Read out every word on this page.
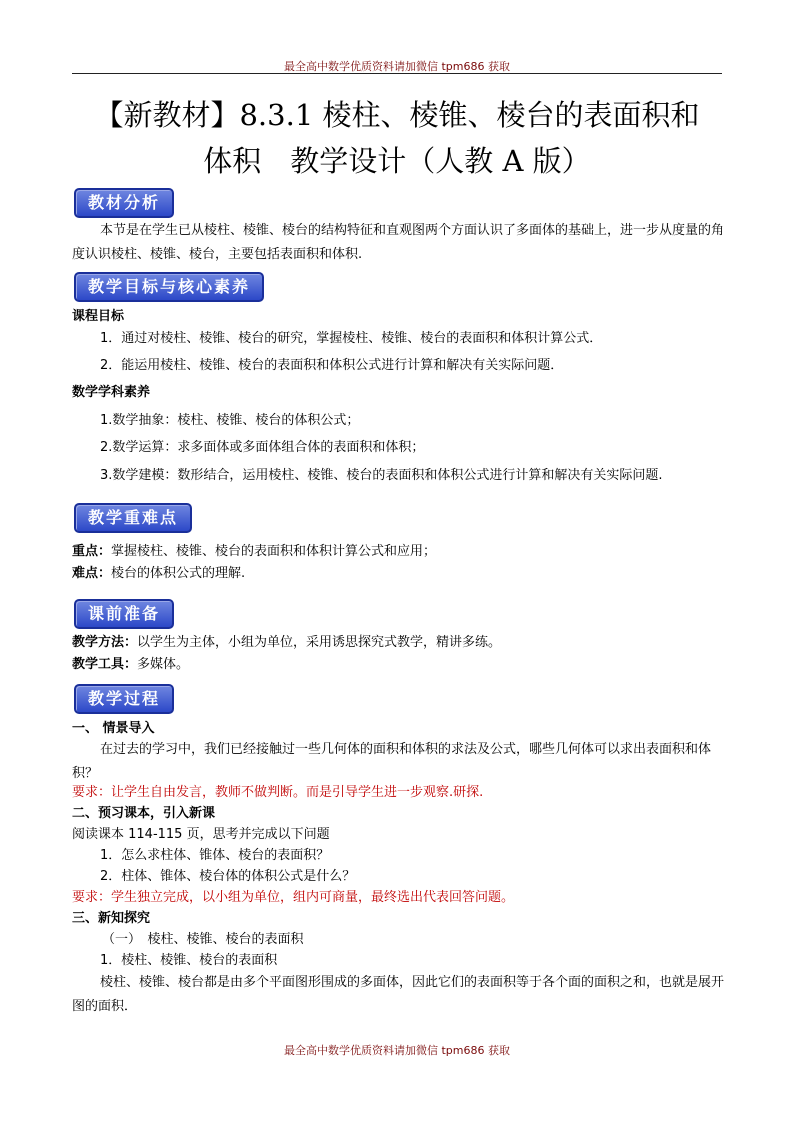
最全高中数学优质资料请加微信 tpm686 获取
【新教材】8.3.1 棱柱、棱锥、棱台的表面积和
体积　教学设计（人教 A 版）
教材分析
本节是在学生已从棱柱、棱锥、棱台的结构特征和直观图两个方面认识了多面体的基础上，进一步从度量的角度认识棱柱、棱锥、棱台，主要包括表面积和体积.
教学目标与核心素养
课程目标
1．通过对棱柱、棱锥、棱台的研究，掌握棱柱、棱锥、棱台的表面积和体积计算公式．
2．能运用棱柱、棱锥、棱台的表面积和体积公式进行计算和解决有关实际问题．
数学学科素养
1.数学抽象：棱柱、棱锥、棱台的体积公式；
2.数学运算：求多面体或多面体组合体的表面积和体积；
3.数学建模：数形结合，运用棱柱、棱锥、棱台的表面积和体积公式进行计算和解决有关实际问题.
教学重难点
重点：掌握棱柱、棱锥、棱台的表面积和体积计算公式和应用；
难点：棱台的体积公式的理解.
课前准备
教学方法：以学生为主体，小组为单位，采用诱思探究式教学，精讲多练。
教学工具：多媒体。
教学过程
一、 情景导入
在过去的学习中，我们已经接触过一些几何体的面积和体积的求法及公式，哪些几何体可以求出表面积和体积？
要求：让学生自由发言，教师不做判断。而是引导学生进一步观察.研探.
二、预习课本，引入新课
阅读课本 114-115 页，思考并完成以下问题
1．怎么求柱体、锥体、棱台的表面积？
2．柱体、锥体、棱台体的体积公式是什么？
要求：学生独立完成，以小组为单位，组内可商量，最终选出代表回答问题。
三、新知探究
（一）　棱柱、棱锥、棱台的表面积
1．棱柱、棱锥、棱台的表面积
棱柱、棱锥、棱台都是由多个平面图形围成的多面体，因此它们的表面积等于各个面的面积之和，也就是展开图的面积．
最全高中数学优质资料请加微信 tpm686 获取
